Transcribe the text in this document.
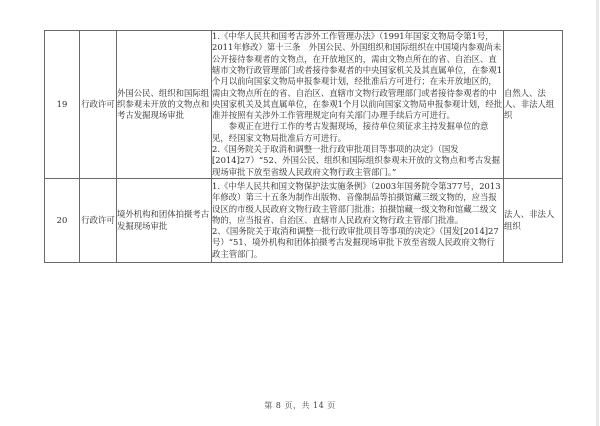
19	行政许可	外国公民、组织和国际组织参观未开放的文物点和考古发掘现场审批	1.《中华人民共和国考古涉外工作管理办法》（1991年国家文物局令第1号，2011年修改）第十三条　外国公民、外国组织和国际组织在中国境内参观尚未公开接待参观者的文物点，在开放地区的，需由文物点所在的省、自治区、直辖市文物行政管理部门或者接待参观者的中央国家机关及其直属单位，在参观1个月以前向国家文物局申报参观计划，经批准后方可进行；在未开放地区的，需由文物点所在的省、自治区、直辖市文物行政管理部门或者接待参观者的中央国家机关及其直属单位，在参观1个月以前向国家文物局申报参观计划，经批准并按照有关涉外工作管理规定向有关部门办理手续后方可进行。

参观正在进行工作的考古发掘现场，接待单位须征求主持发掘单位的意见，经国家文物局批准后方可进行。

2.《国务院关于取消和调整一批行政审批项目等事项的决定》（国发[2014]27）“52、外国公民、组织和国际组织参观未开放的文物点和考古发掘现场审批下放至省级人民政府文物行政主管部门。”	自然人、法人、非法人组织
20	行政许可	境外机构和团体拍摄考古发掘现场审批	1.《中华人民共和国文物保护法实施条例》（2003年国务院令第377号，2013年修改）第三十五条为制作出版物、音像制品等拍摄馆藏三级文物的，应当报设区的市级人民政府文物行政主管部门批准；拍摄馆藏一级文物和馆藏二级文物的，应当报省、自治区、直辖市人民政府文物行政主管部门批准。

2、《国务院关于取消和调整一批行政审批项目等事项的决定》（国发[2014]27号）“51、境外机构和团体拍摄考古发掘现场审批下放至省级人民政府文物行政主管部门。	法人、非法人组织
第 8 页，共 14 页
